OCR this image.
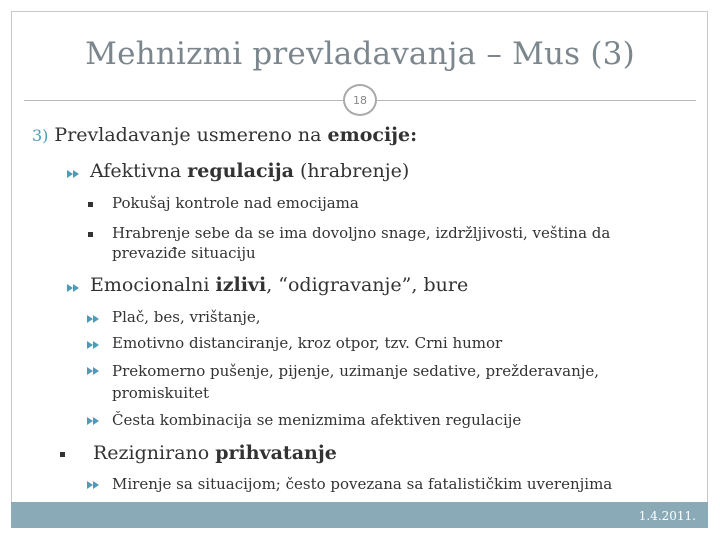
Mehnizmi prevladavanja – Mus (3)
18
3) Prevladavanje usmereno na emocije:
Afektivna regulacija (hrabrenje)
Pokušaj kontrole nad emocijama
Hrabrenje sebe da se ima dovoljno snage, izdržljivosti, veština da
prevaziđe situaciju
Emocionalni izlivi, “odigravanje”, bure
Plač, bes, vrištanje,
Emotivno distanciranje, kroz otpor, tzv. Crni humor
Prekomerno pušenje, pijenje, uzimanje sedative, prežderavanje,
promiskuitet
Česta kombinacija se menizmima afektiven regulacije
Rezignirano prihvatanje
Mirenje sa situacijom; često povezana sa fatalističkim uverenjima
1.4.2011.
